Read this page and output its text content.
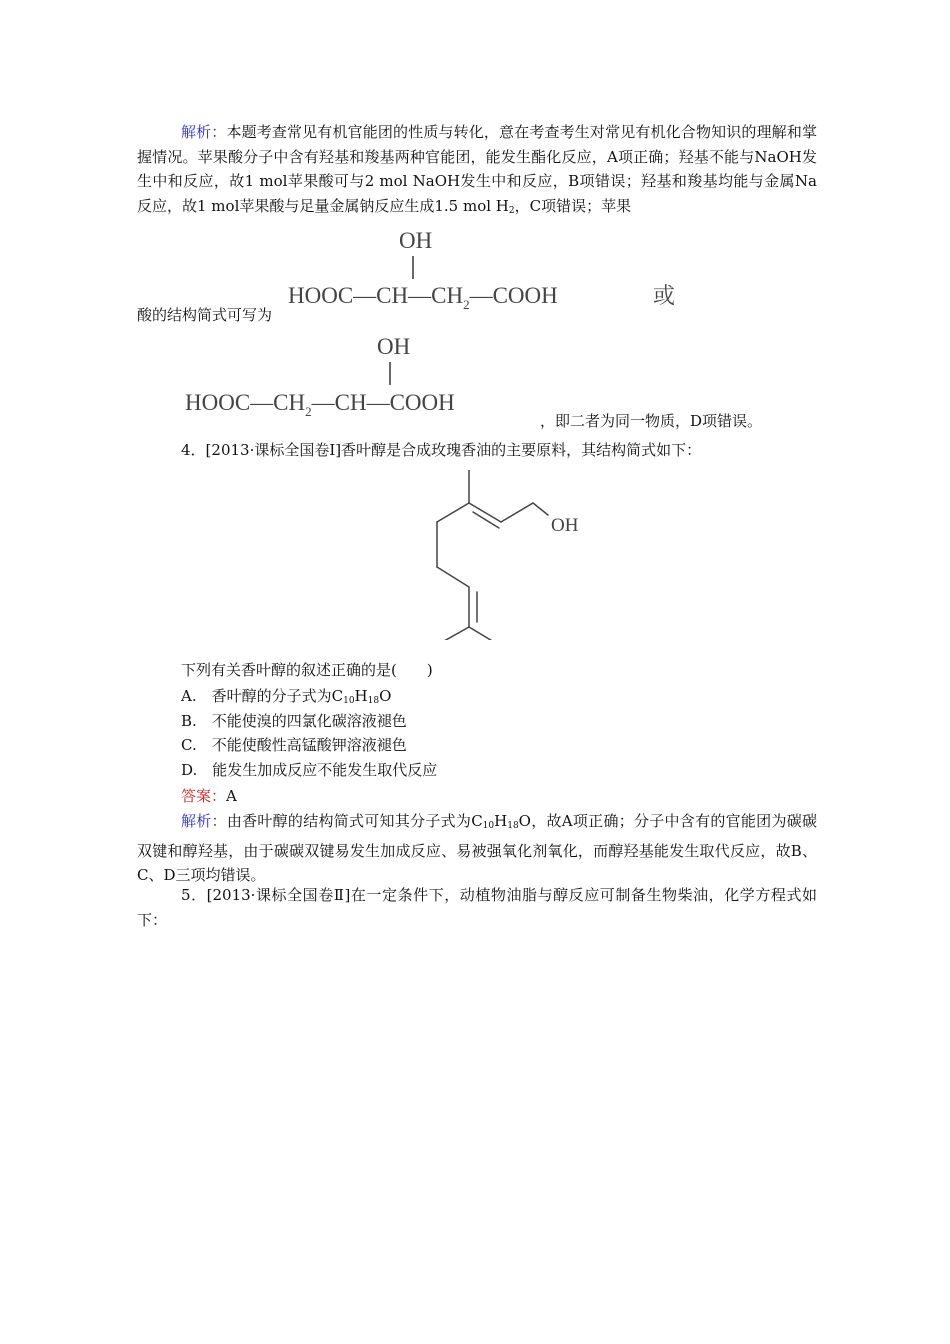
解析：本题考查常见有机官能团的性质与转化，意在考查考生对常见有机化合物知识的理解和掌握情况。苹果酸分子中含有羟基和羧基两种官能团，能发生酯化反应，A项正确；羟基不能与NaOH发生中和反应，故1 mol苹果酸可与2 mol NaOH发生中和反应，B项错误；羟基和羧基均能与金属Na反应，故1 mol苹果酸与足量金属钠反应生成1.5 mol $H_2$，C项错误；苹果

OH
$HOOC—CH—CH_2—COOH$	或

酸的结构简式可写为

OH
$HOOC—CH_2—CH—COOH$

，即二者为同一物质，D项错误。

4．[2013·课标全国卷Ⅰ]香叶醇是合成玫瑰香油的主要原料，其结构简式如下：

OH

下列有关香叶醇的叙述正确的是(　　)

A.　香叶醇的分子式为$C_{10}H_{18}O$

B.　不能使溴的四氯化碳溶液褪色

C.　不能使酸性高锰酸钾溶液褪色

D.　能发生加成反应不能发生取代反应

答案：A

解析：由香叶醇的结构简式可知其分子式为$C_{10}H_{18}O$，故A项正确；分子中含有的官能团为碳碳双键和醇羟基，由于碳碳双键易发生加成反应、易被强氧化剂氧化，而醇羟基能发生取代反应，故B、C、D三项均错误。

5．[2013·课标全国卷Ⅱ]在一定条件下，动植物油脂与醇反应可制备生物柴油，化学方程式如下：
